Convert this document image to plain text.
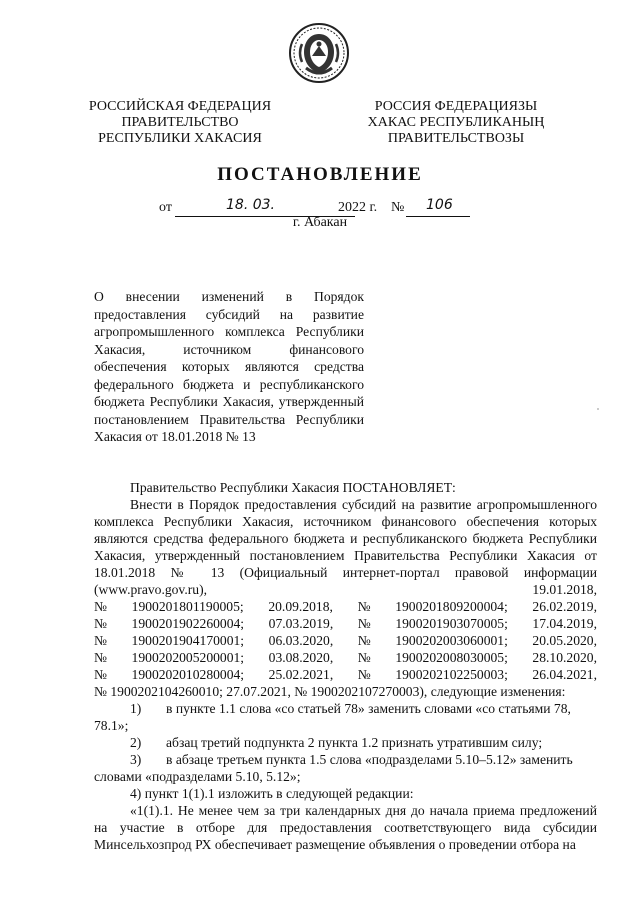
РОССИЙСКАЯ ФЕДЕРАЦИЯ
ПРАВИТЕЛЬСТВО
РЕСПУБЛИКИ ХАКАСИЯ
РОССИЯ ФЕДЕРАЦИЯЗЫ
ХАКАС РЕСПУБЛИКАНЫҢ
ПРАВИТЕЛЬСТВОЗЫ
ПОСТАНОВЛЕНИЕ
от	18. 03.	2022 г. № 106
г. Абакан

О внесении изменений в Порядок предоставления субсидий на развитие агропромышленного комплекса Республики Хакасия, источником финансового обеспечения которых являются средства федерального бюджета и республиканского бюджета Республики Хакасия, утвержденный постановлением Правительства Республики Хакасия от 18.01.2018 № 13

Правительство Республики Хакасия ПОСТАНОВЛЯЕТ:

Внести в Порядок предоставления субсидий на развитие агропромышленного комплекса Республики Хакасия, источником финансового обеспечения которых являются средства федерального бюджета и республиканского бюджета Республики Хакасия, утвержденный постановлением Правительства Республики Хакасия от 18.01.2018 № 13 (Официальный интернет-портал правовой информации (www.pravo.gov.ru), 19.01.2018,

№ 1900201801190005; 20.09.2018, № 1900201809200004; 26.02.2019,
№ 1900201902260004; 07.03.2019, № 1900201903070005; 17.04.2019,
№ 1900201904170001; 06.03.2020, № 1900202003060001; 20.05.2020,
№ 1900202005200001; 03.08.2020, № 1900202008030005; 28.10.2020,
№ 1900202010280004; 25.02.2021, № 1900202102250003; 26.04.2021,

№ 1900202104260010; 27.07.2021, № 1900202107270003), следующие изменения:

1)	в пункте 1.1 слова «со статьей 78» заменить словами «со статьями 78,

78.1»;

2)	абзац третий подпункта 2 пункта 1.2 признать утратившим силу;
3)	в абзаце третьем пункта 1.5 слова «подразделами 5.10–5.12» заменить

словами «подразделами 5.10, 5.12»;

4) пункт 1(1).1 изложить в следующей редакции:

«1(1).1. Не менее чем за три календарных дня до начала приема предложений на участие в отборе для предоставления соответствующего вида субсидии Минсельхозпрод РХ обеспечивает размещение объявления о проведении отбора на
